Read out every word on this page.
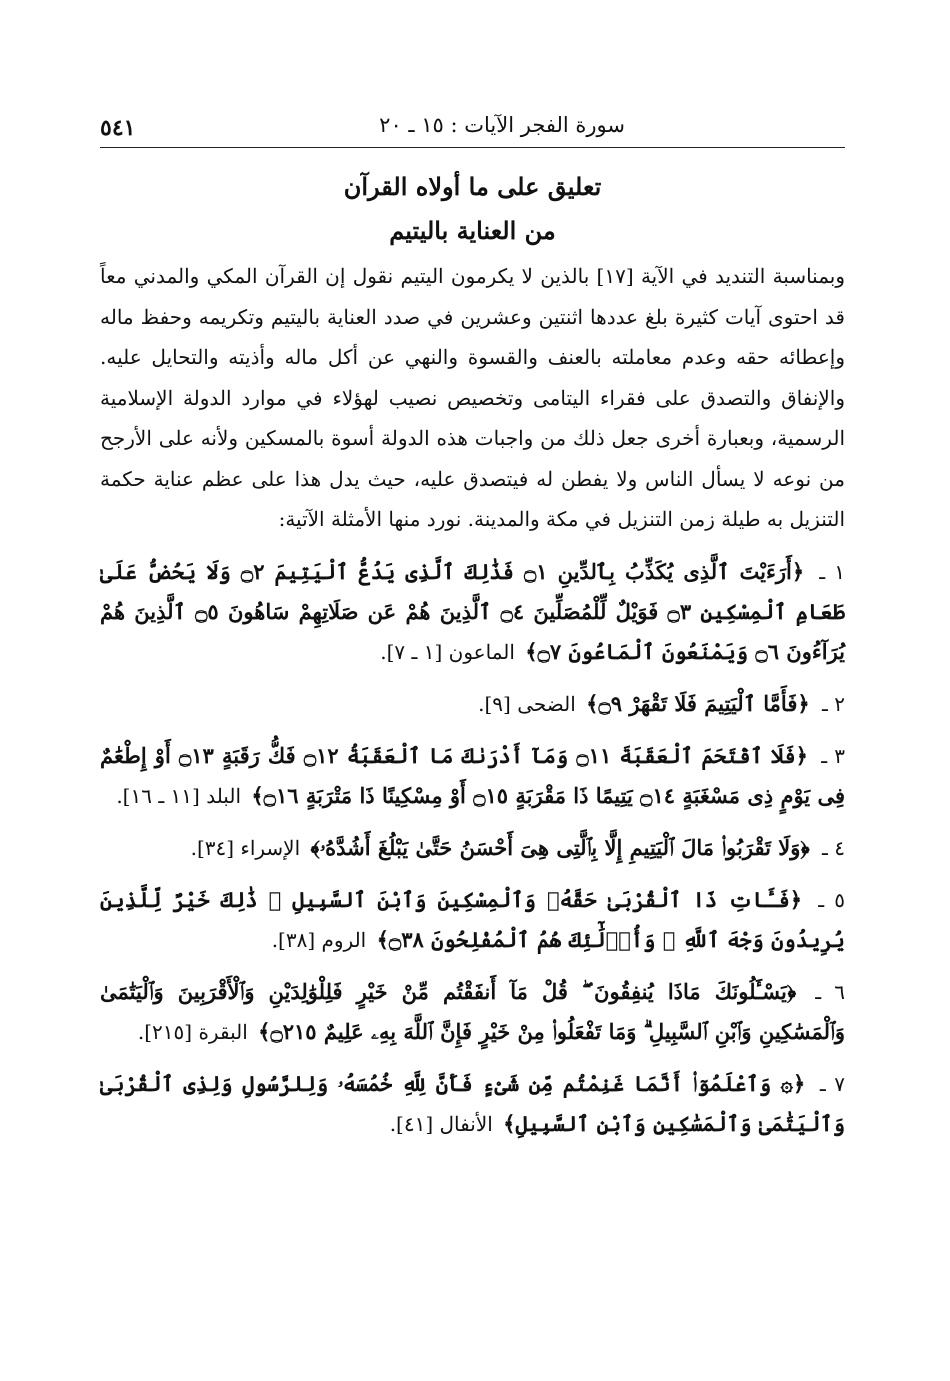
سورة الفجر الآيات : ١٥ ـ ٢٠
٥٤١
تعليق على ما أولاه القرآن
من العناية باليتيم

وبمناسبة التنديد في الآية [١٧] بالذين لا يكرمون اليتيم نقول إن القرآن المكي والمدني معاً قد احتوى آيات كثيرة بلغ عددها اثنتين وعشرين في صدد العناية باليتيم وتكريمه وحفظ ماله وإعطائه حقه وعدم معاملته بالعنف والقسوة والنهي عن أكل ماله وأذيته والتحايل عليه. والإنفاق والتصدق على فقراء اليتامى وتخصيص نصيب لهؤلاء في موارد الدولة الإسلامية الرسمية، وبعبارة أخرى جعل ذلك من واجبات هذه الدولة أسوة بالمسكين ولأنه على الأرجح من نوعه لا يسأل الناس ولا يفطن له فيتصدق عليه، حيث يدل هذا على عظم عناية حكمة التنزيل به طيلة زمن التنزيل في مكة والمدينة. نورد منها الأمثلة الآتية:

١ ـ ﴿أَرَءَيْتَ ٱلَّذِى يُكَذِّبُ بِٱلدِّينِ ۝١ فَذَٰلِكَ ٱلَّذِى يَدُعُّ ٱلْيَتِيمَ ۝٢ وَلَا يَحُضُّ عَلَىٰ طَعَامِ ٱلْمِسْكِينِ ۝٣ فَوَيْلٌ لِّلْمُصَلِّينَ ۝٤ ٱلَّذِينَ هُمْ عَن صَلَاتِهِمْ سَاهُونَ ۝٥ ٱلَّذِينَ هُمْ يُرَآءُونَ ۝٦ وَيَمْنَعُونَ ٱلْمَاعُونَ ۝٧﴾ الماعون [١ ـ ٧].

٢ ـ ﴿فَأَمَّا ٱلْيَتِيمَ فَلَا تَقْهَرْ ۝٩﴾ الضحى [٩].

٣ ـ ﴿فَلَا ٱقْتَحَمَ ٱلْعَقَبَةَ ۝١١ وَمَآ أَدْرَىٰكَ مَا ٱلْعَقَبَةُ ۝١٢ فَكُّ رَقَبَةٍ ۝١٣ أَوْ إِطْعَٰمٌ فِى يَوْمٍ ذِى مَسْغَبَةٍ ۝١٤ يَتِيمًا ذَا مَقْرَبَةٍ ۝١٥ أَوْ مِسْكِينًا ذَا مَتْرَبَةٍ ۝١٦﴾ البلد [١١ ـ ١٦].

٤ ـ ﴿وَلَا تَقْرَبُوا۟ مَالَ ٱلْيَتِيمِ إِلَّا بِٱلَّتِى هِىَ أَحْسَنُ حَتَّىٰ يَبْلُغَ أَشُدَّهُۥ﴾ الإسراء [٣٤].

٥ ـ ﴿فَـَٔاتِ ذَا ٱلْقُرْبَىٰ حَقَّهُۥ وَٱلْمِسْكِينَ وَٱبْنَ ٱلسَّبِيلِ ۚ ذَٰلِكَ خَيْرٌ لِّلَّذِينَ يُرِيدُونَ وَجْهَ ٱللَّهِ ۖ وَأُو۟لَٰٓئِكَ هُمُ ٱلْمُفْلِحُونَ ۝٣٨﴾ الروم [٣٨].

٦ ـ ﴿يَسْـَٔلُونَكَ مَاذَا يُنفِقُونَ ۖ قُلْ مَآ أَنفَقْتُم مِّنْ خَيْرٍ فَلِلْوَٰلِدَيْنِ وَٱلْأَقْرَبِينَ وَٱلْيَتَٰمَىٰ وَٱلْمَسَٰكِينِ وَٱبْنِ ٱلسَّبِيلِ ۗ وَمَا تَفْعَلُوا۟ مِنْ خَيْرٍ فَإِنَّ ٱللَّهَ بِهِۦ عَلِيمٌ ۝٢١٥﴾ البقرة [٢١٥].

٧ ـ ﴿۞ وَٱعْلَمُوٓا۟ أَنَّمَا غَنِمْتُم مِّن شَىْءٍ فَأَنَّ لِلَّهِ خُمُسَهُۥ وَلِلرَّسُولِ وَلِذِى ٱلْقُرْبَىٰ وَٱلْيَتَٰمَىٰ وَٱلْمَسَٰكِينِ وَٱبْنِ ٱلسَّبِيلِ﴾ الأنفال [٤١].
